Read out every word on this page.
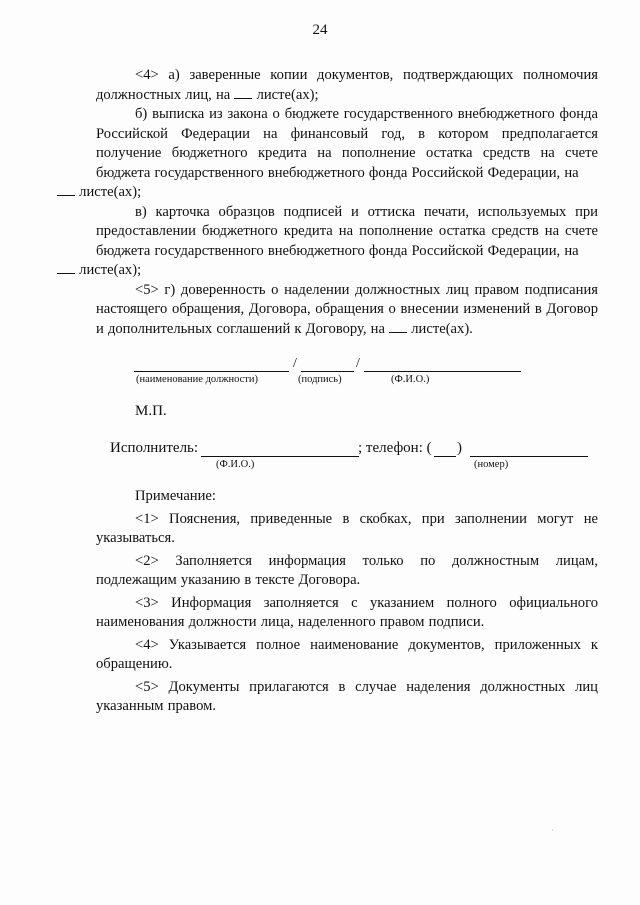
24

<4> а) заверенные копии документов, подтверждающих полномочия должностных лиц, на листе(ах);

б) выписка из закона о бюджете государственного внебюджетного фонда Российской Федерации на финансовый год, в котором предполагается получение бюджетного кредита на пополнение остатка средств на счете бюджета государственного внебюджетного фонда Российской Федерации, на
листе(ах);

в) карточка образцов подписей и оттиска печати, используемых при предоставлении бюджетного кредита на пополнение остатка средств на счете бюджета государственного внебюджетного фонда Российской Федерации, на
листе(ах);

<5> г) доверенность о наделении должностных лиц правом подписания настоящего обращения, Договора, обращения о внесении изменений в Договор и дополнительных соглашений к Договору, на листе(ах).

/	/
(наименование должности)	(подпись)	(Ф.И.О.)
М.П.
Исполнитель:	; телефон: ( )
(Ф.И.О.)	(номер)

Примечание:

<1> Пояснения, приведенные в скобках, при заполнении могут не указываться.

<2> Заполняется информация только по должностным лицам, подлежащим указанию в тексте Договора.

<3> Информация заполняется с указанием полного официального наименования должности лица, наделенного правом подписи.

<4> Указывается полное наименование документов, приложенных к обращению.

<5> Документы прилагаются в случае наделения должностных лиц указанным правом.

·
